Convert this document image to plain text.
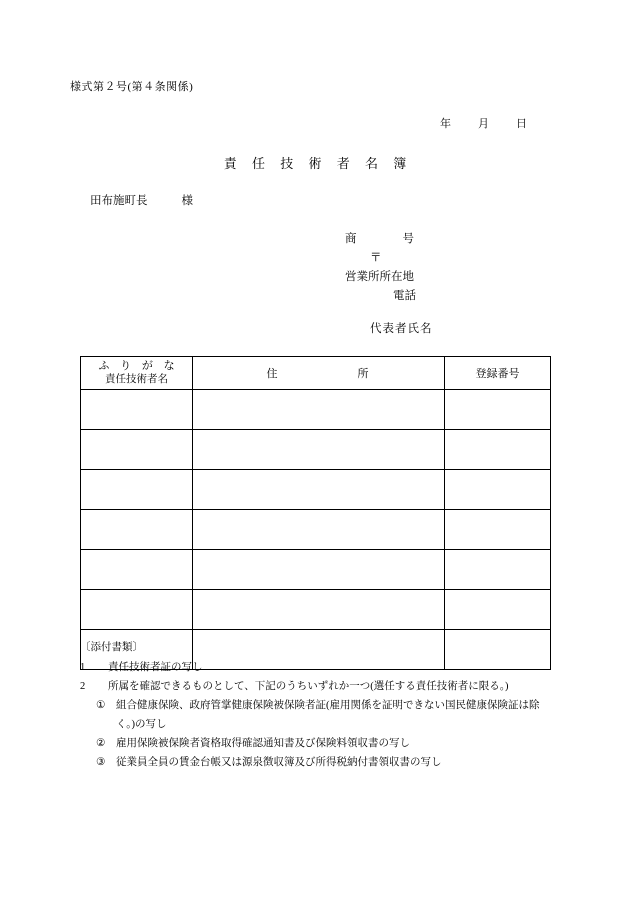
様式第２号(第４条関係)
年 月 日
責 任 技 術 者 名 簿
田布施町長	様
商　　　　号
〒
営業所所在地
電話
代表者氏名
ふ り が な
責任技術者名	住 所	登録番号

〔添付書類〕
1 責任技術者証の写し
2 所属を確認できるものとして、下記のうちいずれか一つ(選任する責任技術者に限る。)
① 組合健康保険、政府管掌健康保険被保険者証(雇用関係を証明できない国民健康保険証は除
く。)の写し
② 雇用保険被保険者資格取得確認通知書及び保険料領収書の写し
③ 従業員全員の賃金台帳又は源泉徴収簿及び所得税納付書領収書の写し
